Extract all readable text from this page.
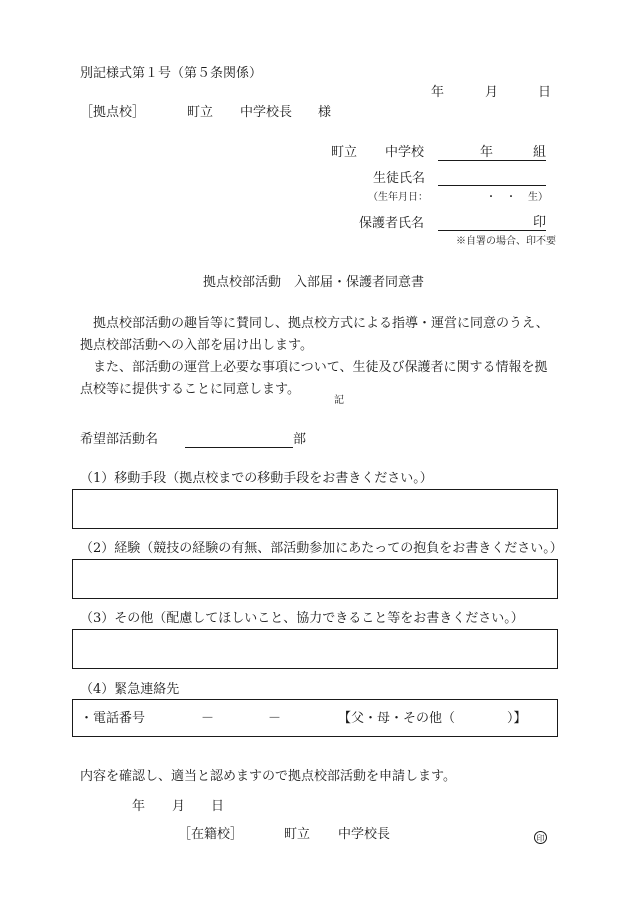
別記様式第１号（第５条関係）
年	月	日
［拠点校］	町立 中学校長 様
町立 中学校	年	組
生徒氏名
（生年月日：	・　・ 生）
保護者氏名	印
※自署の場合、印不要
拠点校部活動　入部届・保護者同意書

拠点校部活動の趣旨等に賛同し、拠点校方式による指導・運営に同意のうえ、拠点校部活動への入部を届け出します。

また、部活動の運営上必要な事項について、生徒及び保護者に関する情報を拠点校等に提供することに同意します。

記
希望部活動名	部
（1）移動手段（拠点校までの移動手段をお書きください。）
（2）経験（競技の経験の有無、部活動参加にあたっての抱負をお書きください。）
（3）その他（配慮してほしいこと、協力できること等をお書きください。）
（4）緊急連絡先
・電話番号	－	－	【父・母・その他（　　　　）】
内容を確認し、適当と認めますので拠点校部活動を申請します。
年 月 日
［在籍校］	町立 中学校長	印
